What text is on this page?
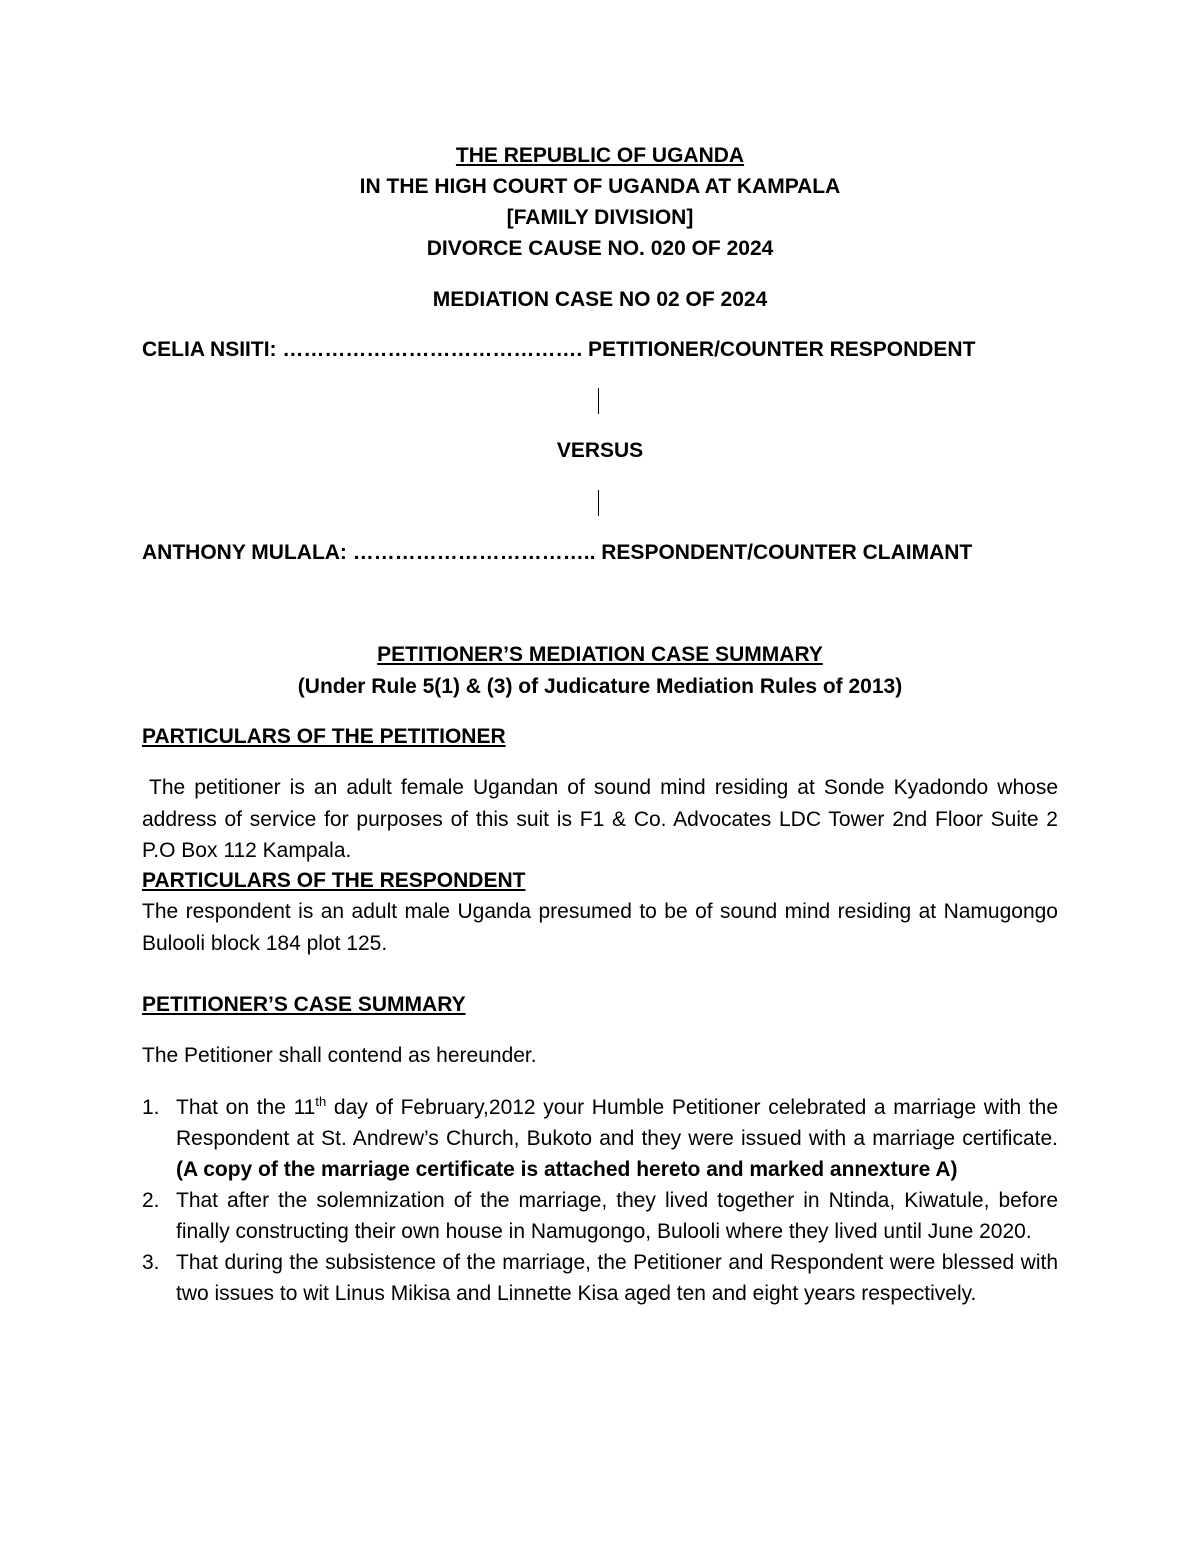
THE REPUBLIC OF UGANDA
IN THE HIGH COURT OF UGANDA AT KAMPALA
[FAMILY DIVISION]
DIVORCE CAUSE NO. 020 OF 2024
MEDIATION CASE NO 02 OF 2024
CELIA NSIITI: ……………………………………. PETITIONER/COUNTER RESPONDENT
VERSUS
ANTHONY MULALA: …………………………….. RESPONDENT/COUNTER CLAIMANT
PETITIONER’S MEDIATION CASE SUMMARY
(Under Rule 5(1) & (3) of Judicature Mediation Rules of 2013)
PARTICULARS OF THE PETITIONER
The petitioner is an adult female Ugandan of sound mind residing at Sonde Kyadondo whose address of service for purposes of this suit is F1 & Co. Advocates LDC Tower 2nd Floor Suite 2 P.O Box 112 Kampala.
PARTICULARS OF THE RESPONDENT
The respondent is an adult male Uganda presumed to be of sound mind residing at Namugongo Bulooli block 184 plot 125.
PETITIONER’S CASE SUMMARY
The Petitioner shall contend as hereunder.
1. That on the 11th day of February,2012 your Humble Petitioner celebrated a marriage with the Respondent at St. Andrew’s Church, Bukoto and they were issued with a marriage certificate. (A copy of the marriage certificate is attached hereto and marked annexture A)
2. That after the solemnization of the marriage, they lived together in Ntinda, Kiwatule, before finally constructing their own house in Namugongo, Bulooli where they lived until June 2020.
3. That during the subsistence of the marriage, the Petitioner and Respondent were blessed with two issues to wit Linus Mikisa and Linnette Kisa aged ten and eight years respectively.
